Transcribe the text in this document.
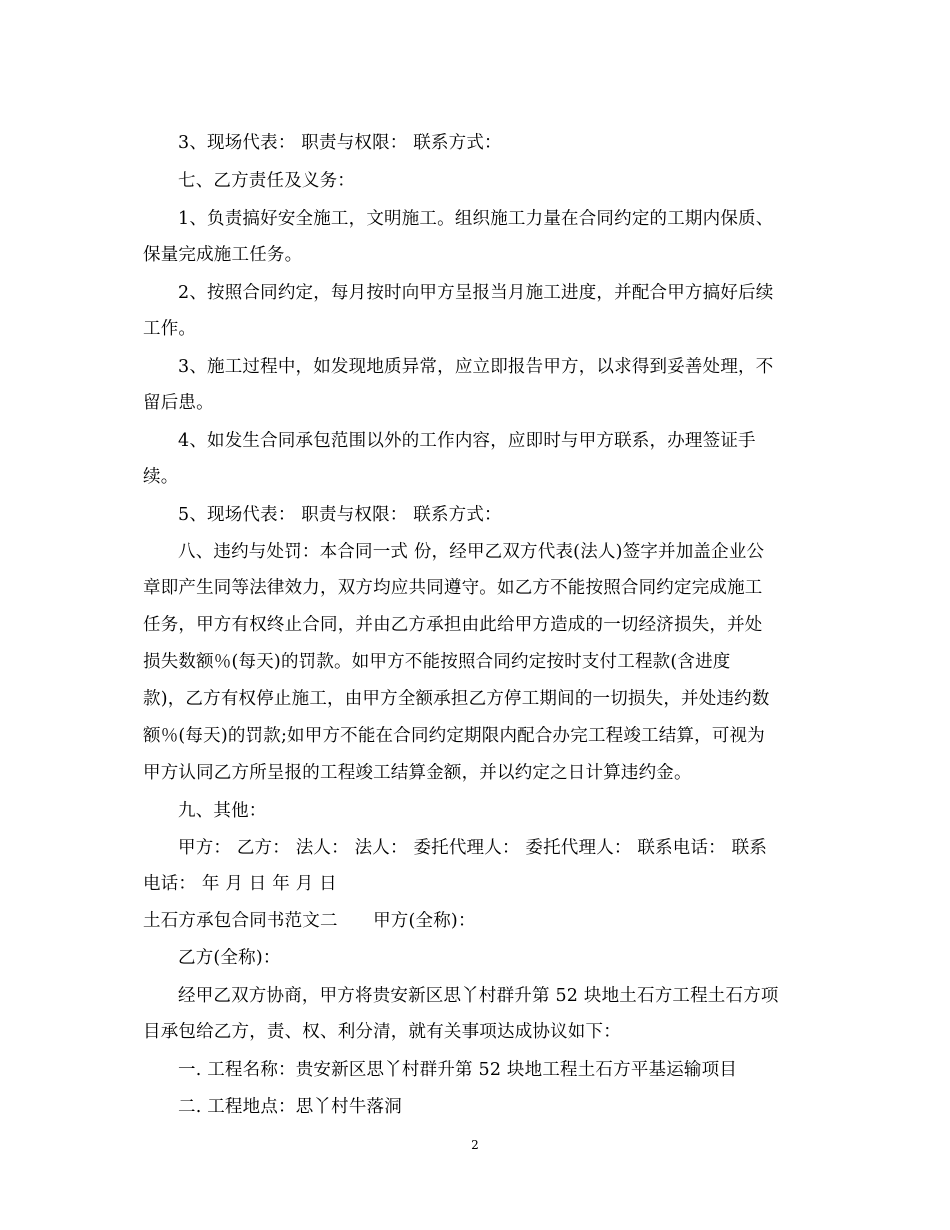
3、现场代表： 职责与权限： 联系方式：
七、乙方责任及义务：
1、负责搞好安全施工，文明施工。组织施工力量在合同约定的工期内保质、
保量完成施工任务。
2、按照合同约定，每月按时向甲方呈报当月施工进度，并配合甲方搞好后续
工作。
3、施工过程中，如发现地质异常，应立即报告甲方，以求得到妥善处理，不
留后患。
4、如发生合同承包范围以外的工作内容，应即时与甲方联系，办理签证手
续。
5、现场代表： 职责与权限： 联系方式：
八、违约与处罚：本合同一式 份，经甲乙双方代表(法人)签字并加盖企业公
章即产生同等法律效力，双方均应共同遵守。如乙方不能按照合同约定完成施工
任务，甲方有权终止合同，并由乙方承担由此给甲方造成的一切经济损失，并处
损失数额％(每天)的罚款。如甲方不能按照合同约定按时支付工程款(含进度
款)，乙方有权停止施工，由甲方全额承担乙方停工期间的一切损失，并处违约数
额％(每天)的罚款;如甲方不能在合同约定期限内配合办完工程竣工结算，可视为
甲方认同乙方所呈报的工程竣工结算金额，并以约定之日计算违约金。
九、其他：
甲方： 乙方： 法人： 法人： 委托代理人： 委托代理人： 联系电话： 联系
电话： 年 月 日 年 月 日
土石方承包合同书范文二　　甲方(全称)：
乙方(全称)：
经甲乙双方协商，甲方将贵安新区思丫村群升第 52 块地土石方工程土石方项
目承包给乙方，责、权、利分清，就有关事项达成协议如下：
一. 工程名称：贵安新区思丫村群升第 52 块地工程土石方平基运输项目
二. 工程地点：思丫村牛落洞
2
